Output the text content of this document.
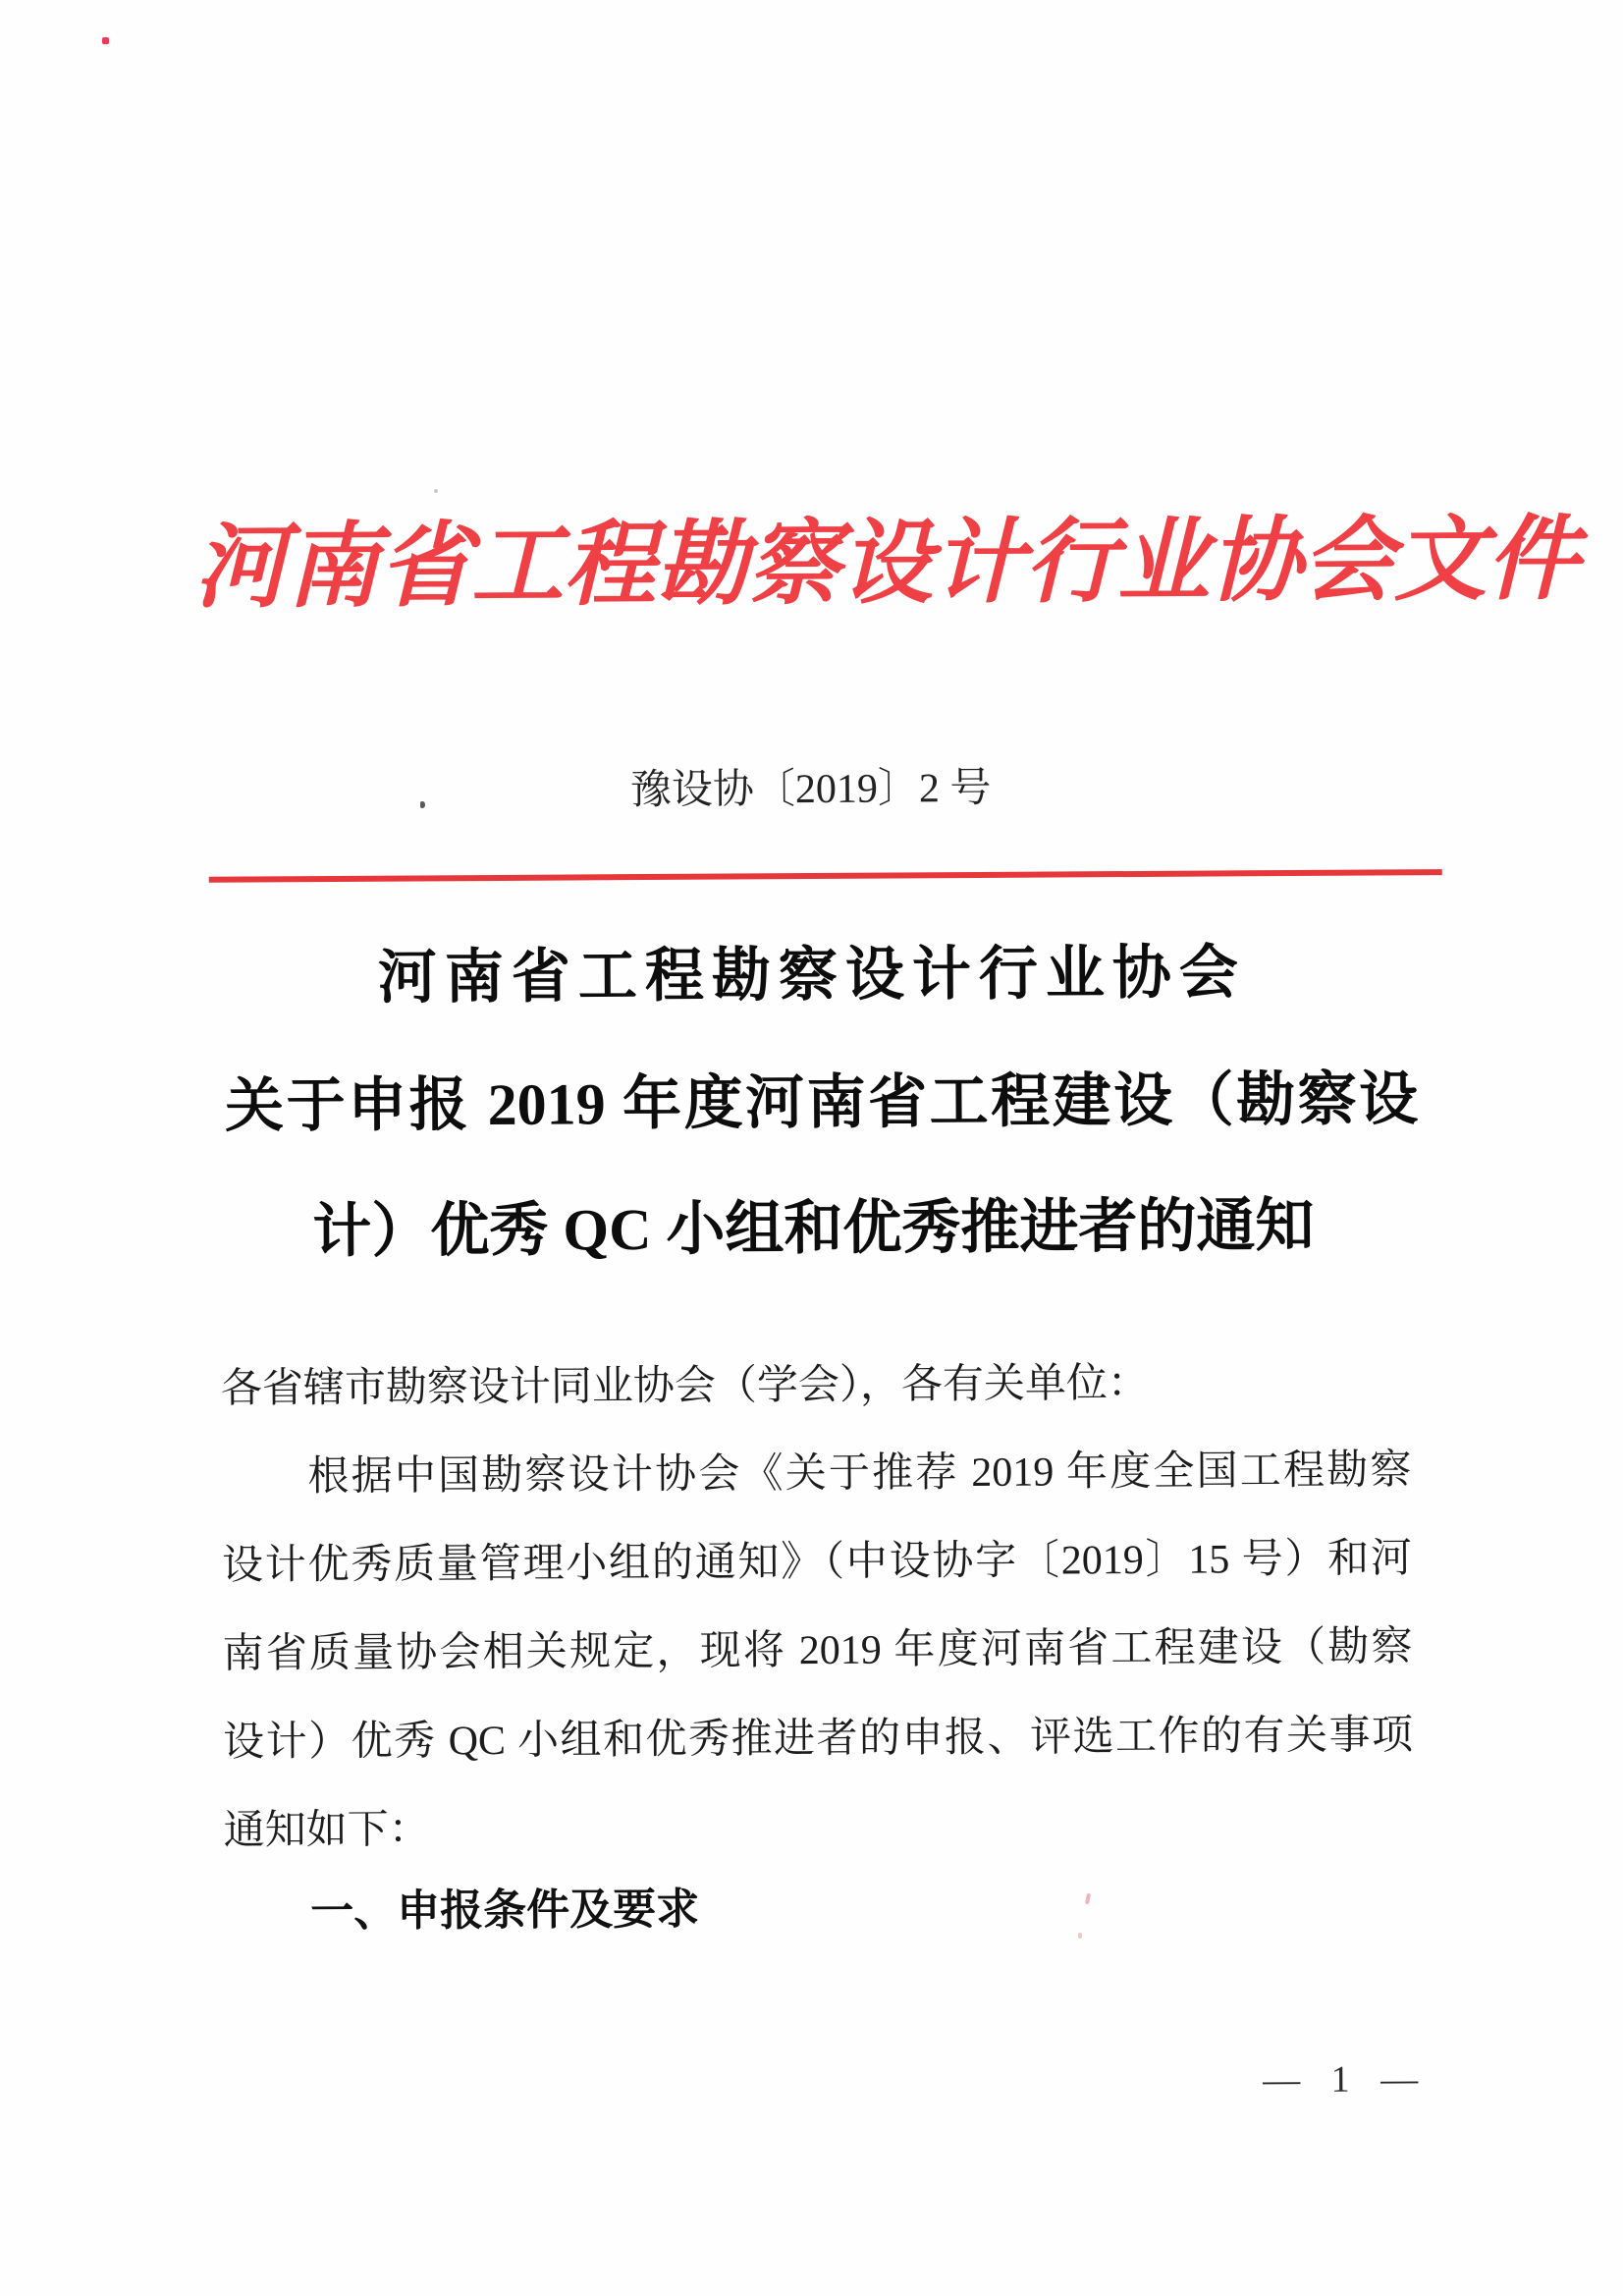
河南省工程勘察设计行业协会文件
豫设协〔2019〕2 号
河南省工程勘察设计行业协会
关于申报 2019 年度河南省工程建设（勘察设
计）优秀 QC 小组和优秀推进者的通知
各省辖市勘察设计同业协会（学会），各有关单位：
根据中国勘察设计协会《关于推荐 2019 年度全国工程勘察
设计优秀质量管理小组的通知》（中设协字〔2019〕15 号）和河
南省质量协会相关规定，现将 2019 年度河南省工程建设（勘察
设计）优秀 QC 小组和优秀推进者的申报、评选工作的有关事项
通知如下：
一、申报条件及要求
— 1 —
